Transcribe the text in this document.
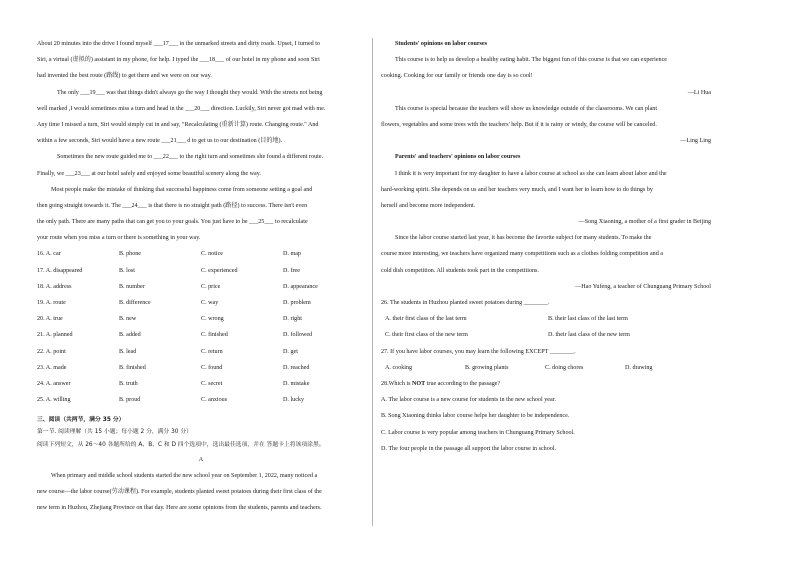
About 20 minutes into the drive I found myself ___17___ in the unmarked streets and dirty roads. Upset, I turned to
Siri, a virtual (虚拟的) assistant in my phone, for help. I typed the ___18___ of our hotel in my phone and soon Siri
had invented the best route (路线) to get there and we were on our way.
The only ___19___ was that things didn't always go the way I thought they would. With the streets not being
well marked ,I would sometimes miss a turn and head in the ___20___ direction. Luckily, Siri never got mad with me.
Any time I missed a turn, Siri would simply cut in and say, "Recalculating (重新计算) route. Changing route." And
within a few seconds, Siri would have a new route ___21___ d to get us to our destination (目的地).
Sometimes the new route guided me to ___22___ to the right turn and sometimes she found a different route.
Finally, we ___23___ at our hotel safely and enjoyed some beautiful scenery along the way.
Most people make the mistake of thinking that successful happiness come from someone setting a goal and
then going straight towards it. The ___24___ is that there is no straight path (路径) to success. There isn't even
the only path. There are many paths that can get you to your goals. You just have to be ___25___ to recalculate
your route when you miss a turn or there is something in your way.
16. A. car	B. phone	C. notice	D. map
17. A. disappeared	B. lost	C. experienced	D. free
18. A. address	B. number	C. price	D. appearance
19. A. route	B. difference	C. way	D. problem
20. A. true	B. new	C. wrong	D. right
21. A. planned	B. added	C. finished	D. followed
22. A. point	B. lead	C. return	D. get
23. A. made	B. finished	C. found	D. reached
24. A. answer	B. truth	C. secret	D. mistake
25. A. willing	B. proud	C. anxious	D. lucky
三、阅读（共两节，满分 35 分）
第一节. 阅读理解（共 15 小题；每小题 2 分，满分 30 分）
阅读下列短文，从 26～40 各题所给的 A、B、C 和 D 四个选项中，选出最佳选项，并在 答题卡上将该项涂黑。
A
When primary and middle school students started the new school year on September 1, 2022, many noticed a
new course—the labor course(劳动课程). For example, students planted sweet potatoes during their first class of the
new term in Huzhou, Zhejiang Province on that day. Here are some opinions from the students, parents and teachers.
Students' opinions on labor courses
This course is to help us develop a healthy eating habit. The biggest fun of this course is that we can experience
cooking. Cooking for our family or friends one day is so cool!
—Li Hua
This course is special because the teachers will show us knowledge outside of the classrooms. We can plant
flowers, vegetables and some trees with the teachers' help. But if it is rainy or windy, the course will be canceled.
—Ling Ling
Parents' and teachers' opinions on labor courses
I think it is very important for my daughter to have a labor course at school as she can learn about labor and the
hard-working spirit. She depends on us and her teachers very much, and I want her to learn how to do things by
herself and become more independent.
—Song Xiaoning, a mother of a first grader in Beijing
Since the labor course started last year, it has become the favorite subject for many students. To make the
course more interesting, we teachers have organized many competitions such as a clothes folding competition and a
cold dish competition. All students took part in the competitions.
—Hao Yufeng, a teacher of Chunguang Primary School
26. The students in Huzhou planted sweet potatoes during ________.
A. their first class of the last term	B. their last class of the last term
C. their first class of the new term	D. their last class of the new term
27. If you have labor courses, you may learn the following EXCEPT ________.
A. cooking	B. growing plants	C. doing chores	D. drawing
28.Which is NOT true according to the passage?
A. The labor course is a new course for students in the new school year.
B. Song Xiaoning thinks labor course helps her daughter to be independence.
C. Labor course is very popular among teachers in Chunguang Primary School.
D. The four people in the passage all support the labor course in school.
